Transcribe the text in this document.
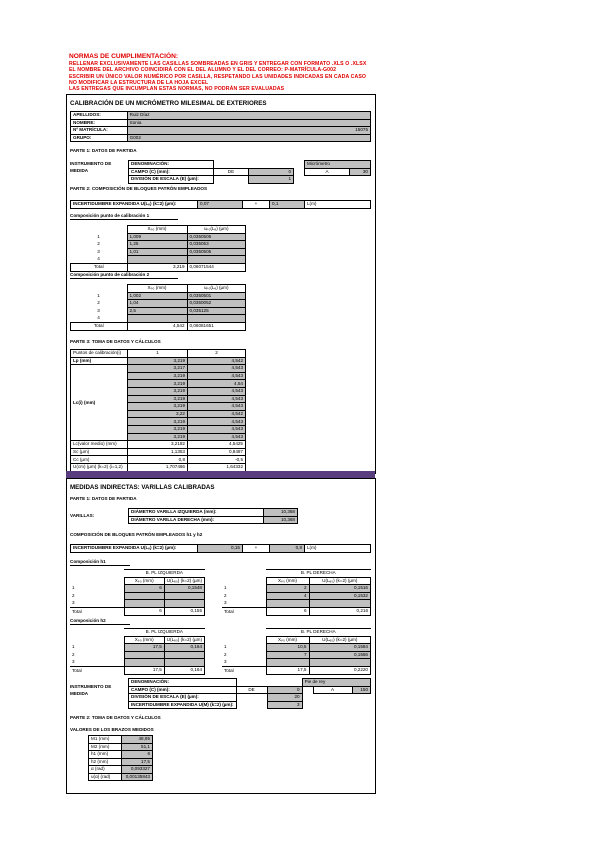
NORMAS DE CUMPLIMENTACIÓN:
RELLENAR EXCLUSIVAMENTE LAS CASILLAS SOMBREADAS EN GRIS Y ENTREGAR CON FORMATO .XLS O .XLSX
EL NOMBRE DEL ARCHIVO COINCIDIRÁ CON EL DEL ALUMNO Y EL DEL CORREO: P-MATRÍCULA-G002
ESCRIBIR UN ÚNICO VALOR NUMÉRICO POR CASILLA, RESPETANDO LAS UNIDADES INDICADAS EN CADA CASO
NO MODIFICAR LA ESTRUCTURA DE LA HOJA EXCEL
LAS ENTREGAS QUE INCUMPLAN ESTAS NORMAS, NO PODRÁN SER EVALUADAS
CALIBRACIÓN DE UN MICRÓMETRO MILESIMAL DE EXTERIORES
APELLIDOS:	Ruiz Díaz
NOMBRE:	Sonia
Nº MATRÍCULA:	15075
GRUPO:	G002
PARTE 1: DATOS DE PARTIDA
INSTRUMENTO DE MEDIDA
DENOMINACIÓN:				Micrómetro	
CAMPO (C) (mm):	DE	0		A	30
DIVISIÓN DE ESCALA (E) (µm):		1			
PARTE 2: COMPOSICIÓN DE BLOQUES PATRÓN EMPLEADOS
INCERTIDUMBRE EXPANDIDA U(Lₑ) (k=2) (µm):	0,07	+	0,1	L(m)
Composición punto de calibración 1
	Xₚ₀ (mm)	uₚ₀(Lₑ) (µm)
1	1,009	0,0350505
2	1,25	0,035053
3	1,01	0,0350505
4		
Total	3,219	0,06071544
Composición punto de calibración 2
	Xₚ₀ (mm)	uₚ₀(Lₑ) (µm)
1	1,002	0,0350501
2	1,04	0,0350052
3	2,5	0,035125
4		
Total	4,542	0,06081651
PARTE 3: TOMA DE DATOS Y CÁLCULOS
Puntos de calibración(i)	1	2
Lp (mm)	3,219	4,542
Lc(i) (mm)	3,217	4,543
	3,219	4,543
	3,219	4,54
	3,219	4,543
	3,219	4,543
	3,219	4,543
	3,22	4,542
	3,219	4,543
	3,219	4,543
	3,219	4,543
Lc(valor medio) (mm)	3,2182	4,5425
Sc (µm)	1,1353	0,8487
Cc (µm)	0,8	-0,5
U(cm) (µm) (k=2) (i=1,2)	1,707466	1,64332
MEDIDAS INDIRECTAS: VARILLAS CALIBRADAS
PARTE 1: DATOS DE PARTIDA
VARILLAS:
DIÁMETRO VARILLA IZQUIERDA (mm):	10,368
DIÁMETRO VARILLA DERECHA (mm):	10,368
COMPOSICIÓN DE BLOQUES PATRÓN EMPLEADOS h1 y h2
INCERTIDUMBRE EXPANDIDA U(Lₑ) (k=2) (µm):	0,15	+	0,8	L(m)
Composición h1
	B. PL IZQUIERDA	
	Xₚ₀ (mm)	U(Lₑ₀) (k=2) (µm)
1	6	0,1548
2		
3		
Total	6	0,155
	B. PL DERECHA	
	Xₚ₀ (mm)	U(Lₑ₀) (k=2) (µm)
1	2	0,1516
2	4	0,1532
3		
Total	6	0,216
Composición h2
	B. PL IZQUIERDA	
	Xₚ₀ (mm)	U(Lₑ₀) (k=2) (µm)
1	17,5	0,164
2		
3		
Total	17,5	0,164
	B. PL DERECHA	
	Xₚ₀ (mm)	U(Lₑ₀) (k=2) (µm)
1	10,5	0,1584
2	7	0,1556
3		
Total	17,5	0,2220
INSTRUMENTO DE MEDIDA
DENOMINACIÓN:			Pie de rey		
CAMPO (C) (mm):	DE	0		A	150
DIVISIÓN DE ESCALA (E) (µm):		20			
INCERTIDUMBRE EXPANDIDA U(M) (k=2) (µm):		3			
PARTE 2: TOMA DE DATOS Y CÁLCULOS
VALORES DE LOS BRAZOS MEDIDOS
M1 (mm)	48,95
M2 (mm)	51,1
h1 (mm)	6
h2 (mm)	17,5
α (rad)	0,093327
u(α) (rad)	0,00135843
